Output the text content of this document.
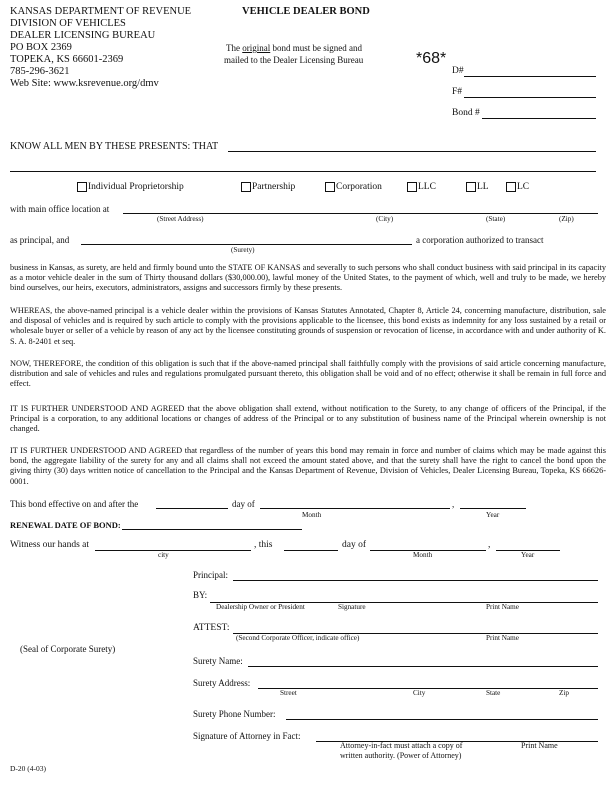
KANSAS DEPARTMENT OF REVENUE
DIVISION OF VEHICLES
DEALER LICENSING BUREAU
PO BOX 2369
TOPEKA, KS 66601-2369
785-296-3621
Web Site: www.ksrevenue.org/dmv
VEHICLE DEALER BOND
The original bond must be signed and
mailed to the Dealer Licensing Bureau	*68*
D#
F#
Bond #
KNOW ALL MEN BY THESE PRESENTS: THAT
Individual Proprietorship	Partnership	Corporation	LLC	LL	LC
with main office location at
(Street Address)	(City)	(State)	(Zip)
as principal, and	a corporation authorized to transact
(Surety)
business in Kansas, as surety, are held and firmly bound unto the STATE OF KANSAS and severally to such persons who shall conduct business with said principal in its capacity as a motor vehicle dealer in the sum of Thirty thousand dollars ($30,000.00), lawful money of the United States, to the payment of which, well and truly to be made, we hereby bind ourselves, our heirs, executors, administrators, assigns and successors firmly by these presents.
WHEREAS, the above-named principal is a vehicle dealer within the provisions of Kansas Statutes Annotated, Chapter 8, Article 24, concerning manufacture, distribution, sale and disposal of vehicles and is required by such article to comply with the provisions applicable to the licensee, this bond exists as indemnity for any loss sustained by a retail or wholesale buyer or seller of a vehicle by reason of any act by the licensee constituting grounds of suspension or revocation of license, in accordance with and under authority of K. S. A. 8-2401 et seq.
NOW, THEREFORE, the condition of this obligation is such that if the above-named principal shall faithfully comply with the provisions of said article concerning manufacture, distribution and sale of vehicles and rules and regulations promulgated pursuant thereto, this obligation shall be void and of no effect; otherwise it shall be remain in full force and effect.
IT IS FURTHER UNDERSTOOD AND AGREED that the above obligation shall extend, without notification to the Surety, to any change of officers of the Principal, if the Principal is a corporation, to any additional locations or changes of address of the Principal or to any substitution of business name of the Principal wherein ownership is not changed.
IT IS FURTHER UNDERSTOOD AND AGREED that regardless of the number of years this bond may remain in force and number of claims which may be made against this bond, the aggregate liability of the surety for any and all claims shall not exceed the amount stated above, and that the surety shall have the right to cancel the bond upon the giving thirty (30) days written notice of cancellation to the Principal and the Kansas Department of Revenue, Division of Vehicles, Dealer Licensing Bureau, Topeka, KS 66626-0001.
This bond effective on and after the	day of	,
Month	Year
RENEWAL DATE OF BOND:
Witness our hands at	, this	day of	,
city	Month	Year
Principal:
BY:
Dealership Owner or President	Signature	Print Name
ATTEST:
(Second Corporate Officer, indicate office)	Print Name
(Seal of Corporate Surety)
Surety Name:
Surety Address:
Street	City	State	Zip
Surety Phone Number:
Signature of Attorney in Fact:
Attorney-in-fact must attach a copy of
written authority. (Power of Attorney)
Print Name
D-20 (4-03)
